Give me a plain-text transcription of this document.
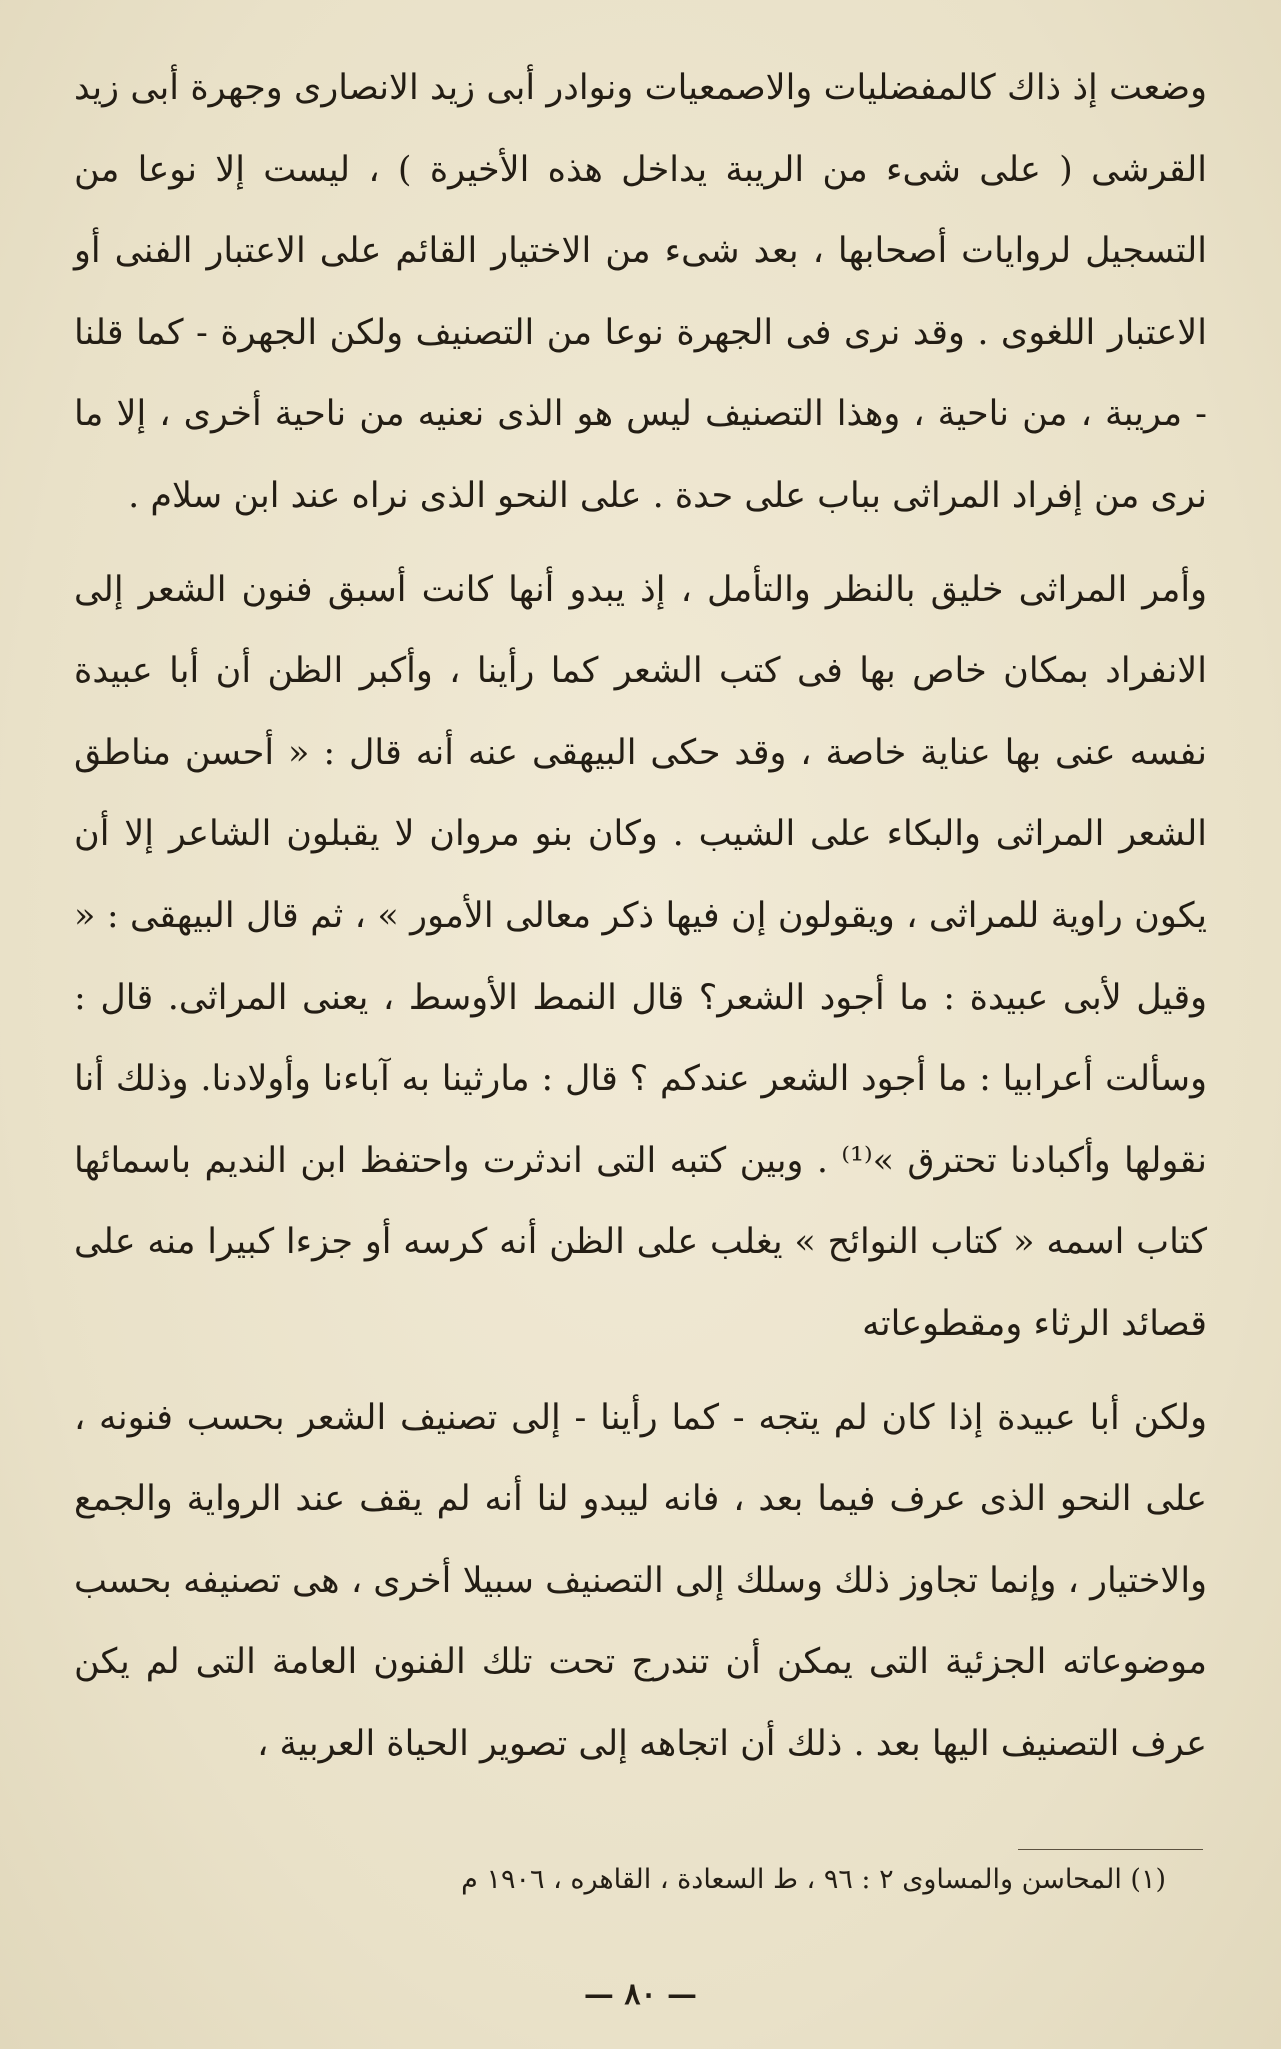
وضعت إذ ذاك كالمفضليات والاصمعيات ونوادر أبى زيد الانصارى وجهرة أبى زيد القرشى ( على شىء من الريبة يداخل هذه الأخيرة ) ، ليست إلا نوعا من التسجيل لروايات أصحابها ، بعد شىء من الاختيار القائم على الاعتبار الفنى أو الاعتبار اللغوى . وقد نرى فى الجهرة نوعا من التصنيف ولكن الجهرة - كما قلنا - مريبة ، من ناحية ، وهذا التصنيف ليس هو الذى نعنيه من ناحية أخرى ، إلا ما نرى من إفراد المراثى بباب على حدة . على النحو الذى نراه عند ابن سلام .

وأمر المراثى خليق بالنظر والتأمل ، إذ يبدو أنها كانت أسبق فنون الشعر إلى الانفراد بمكان خاص بها فى كتب الشعر كما رأينا ، وأكبر الظن أن أبا عبيدة نفسه عنى بها عناية خاصة ، وقد حكى البيهقى عنه أنه قال : « أحسن مناطق الشعر المراثى والبكاء على الشيب . وكان بنو مروان لا يقبلون الشاعر إلا أن يكون راوية للمراثى ، ويقولون إن فيها ذكر معالى الأمور » ، ثم قال البيهقى : « وقيل لأبى عبيدة : ما أجود الشعر؟ قال النمط الأوسط ، يعنى المراثى. قال : وسألت أعرابيا : ما أجود الشعر عندكم ؟ قال : مارثينا به آباءنا وأولادنا. وذلك أنا نقولها وأكبادنا تحترق »⁽¹⁾ . وبين كتبه التى اندثرت واحتفظ ابن النديم باسمائها كتاب اسمه « كتاب النوائح » يغلب على الظن أنه كرسه أو جزءا كبيرا منه على قصائد الرثاء ومقطوعاته

ولكن أبا عبيدة إذا كان لم يتجه - كما رأينا - إلى تصنيف الشعر بحسب فنونه ، على النحو الذى عرف فيما بعد ، فانه ليبدو لنا أنه لم يقف عند الرواية والجمع والاختيار ، وإنما تجاوز ذلك وسلك إلى التصنيف سبيلا أخرى ، هى تصنيفه بحسب موضوعاته الجزئية التى يمكن أن تندرج تحت تلك الفنون العامة التى لم يكن عرف التصنيف اليها بعد . ذلك أن اتجاهه إلى تصوير الحياة العربية ،

(١) المحاسن والمساوى ٢ : ٩٦ ، ط السعادة ، القاهره ، ١٩٠٦ م
— ٨٠ —
